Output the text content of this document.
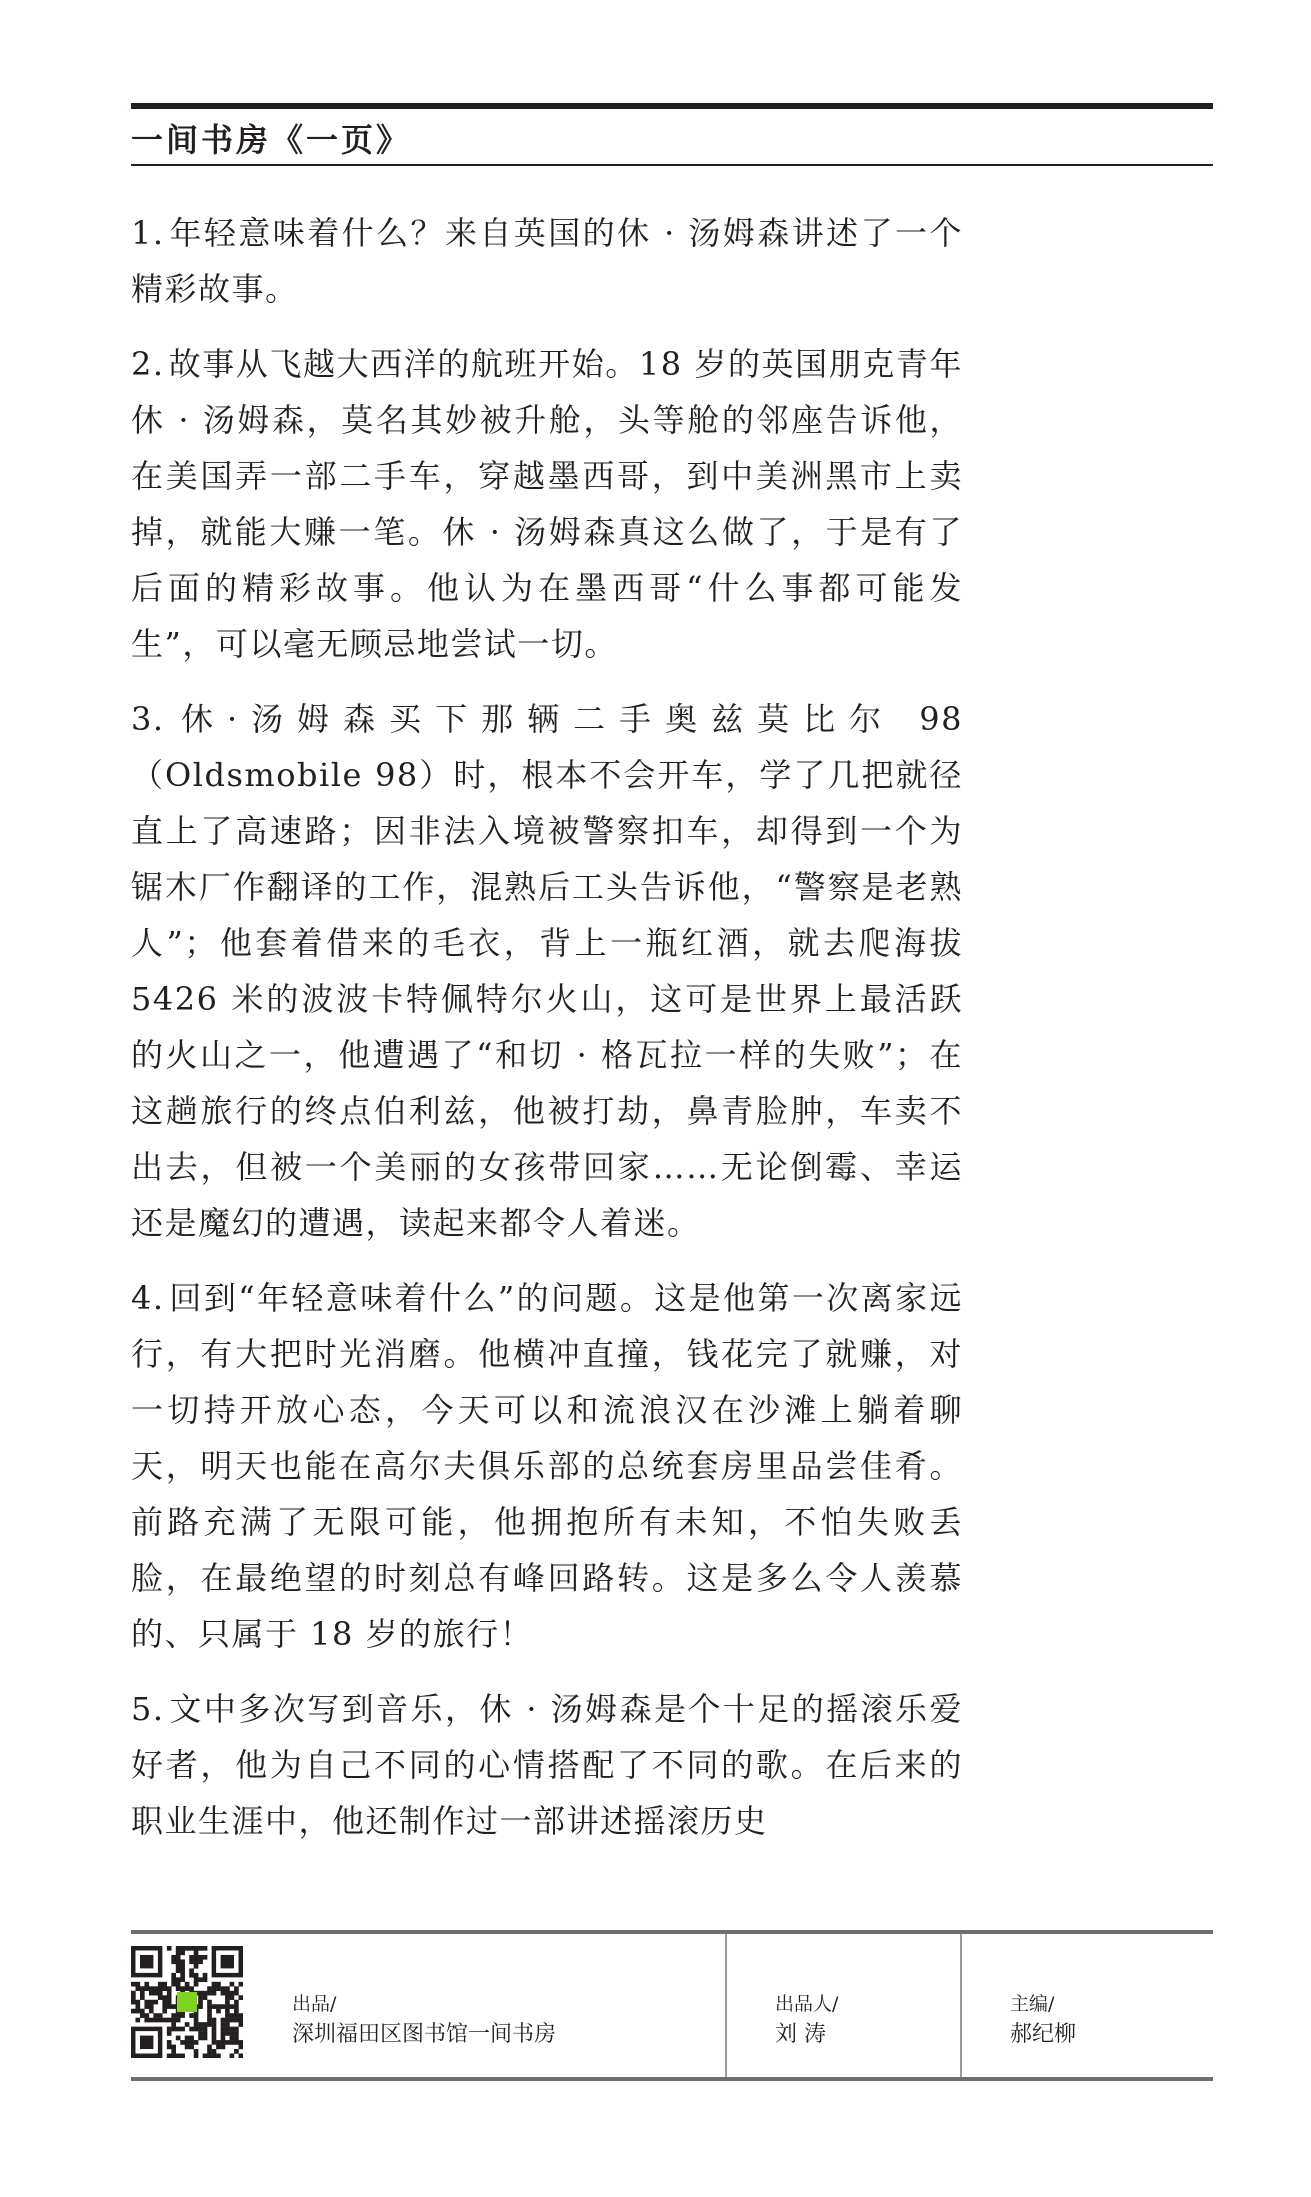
一间书房《一页》

1. 年轻意味着什么？来自英国的休 · 汤姆森讲述了一个精彩故事。

2. 故事从飞越大西洋的航班开始。18 岁的英国朋克青年休 · 汤姆森，莫名其妙被升舱，头等舱的邻座告诉他，在美国弄一部二手车，穿越墨西哥，到中美洲黑市上卖掉，就能大赚一笔。休 · 汤姆森真这么做了，于是有了后面的精彩故事。他认为在墨西哥“什么事都可能发生”，可以毫无顾忌地尝试一切。

3. 休·汤姆森买下那辆二手奥兹莫比尔 98（Oldsmobile 98）时，根本不会开车，学了几把就径直上了高速路；因非法入境被警察扣车，却得到一个为锯木厂作翻译的工作，混熟后工头告诉他，“警察是老熟人”；他套着借来的毛衣，背上一瓶红酒，就去爬海拔 5426 米的波波卡特佩特尔火山，这可是世界上最活跃的火山之一，他遭遇了“和切 · 格瓦拉一样的失败”；在这趟旅行的终点伯利兹，他被打劫，鼻青脸肿，车卖不出去，但被一个美丽的女孩带回家……无论倒霉、幸运还是魔幻的遭遇，读起来都令人着迷。

4. 回到“年轻意味着什么”的问题。这是他第一次离家远行，有大把时光消磨。他横冲直撞，钱花完了就赚，对一切持开放心态，今天可以和流浪汉在沙滩上躺着聊天，明天也能在高尔夫俱乐部的总统套房里品尝佳肴。前路充满了无限可能，他拥抱所有未知，不怕失败丢脸，在最绝望的时刻总有峰回路转。这是多么令人羡慕的、只属于 18 岁的旅行！

5. 文中多次写到音乐，休 · 汤姆森是个十足的摇滚乐爱好者，他为自己不同的心情搭配了不同的歌。在后来的职业生涯中，他还制作过一部讲述摇滚历史

出品/
深圳福田区图书馆一间书房
出品人/
刘 涛
主编/
郝纪柳
